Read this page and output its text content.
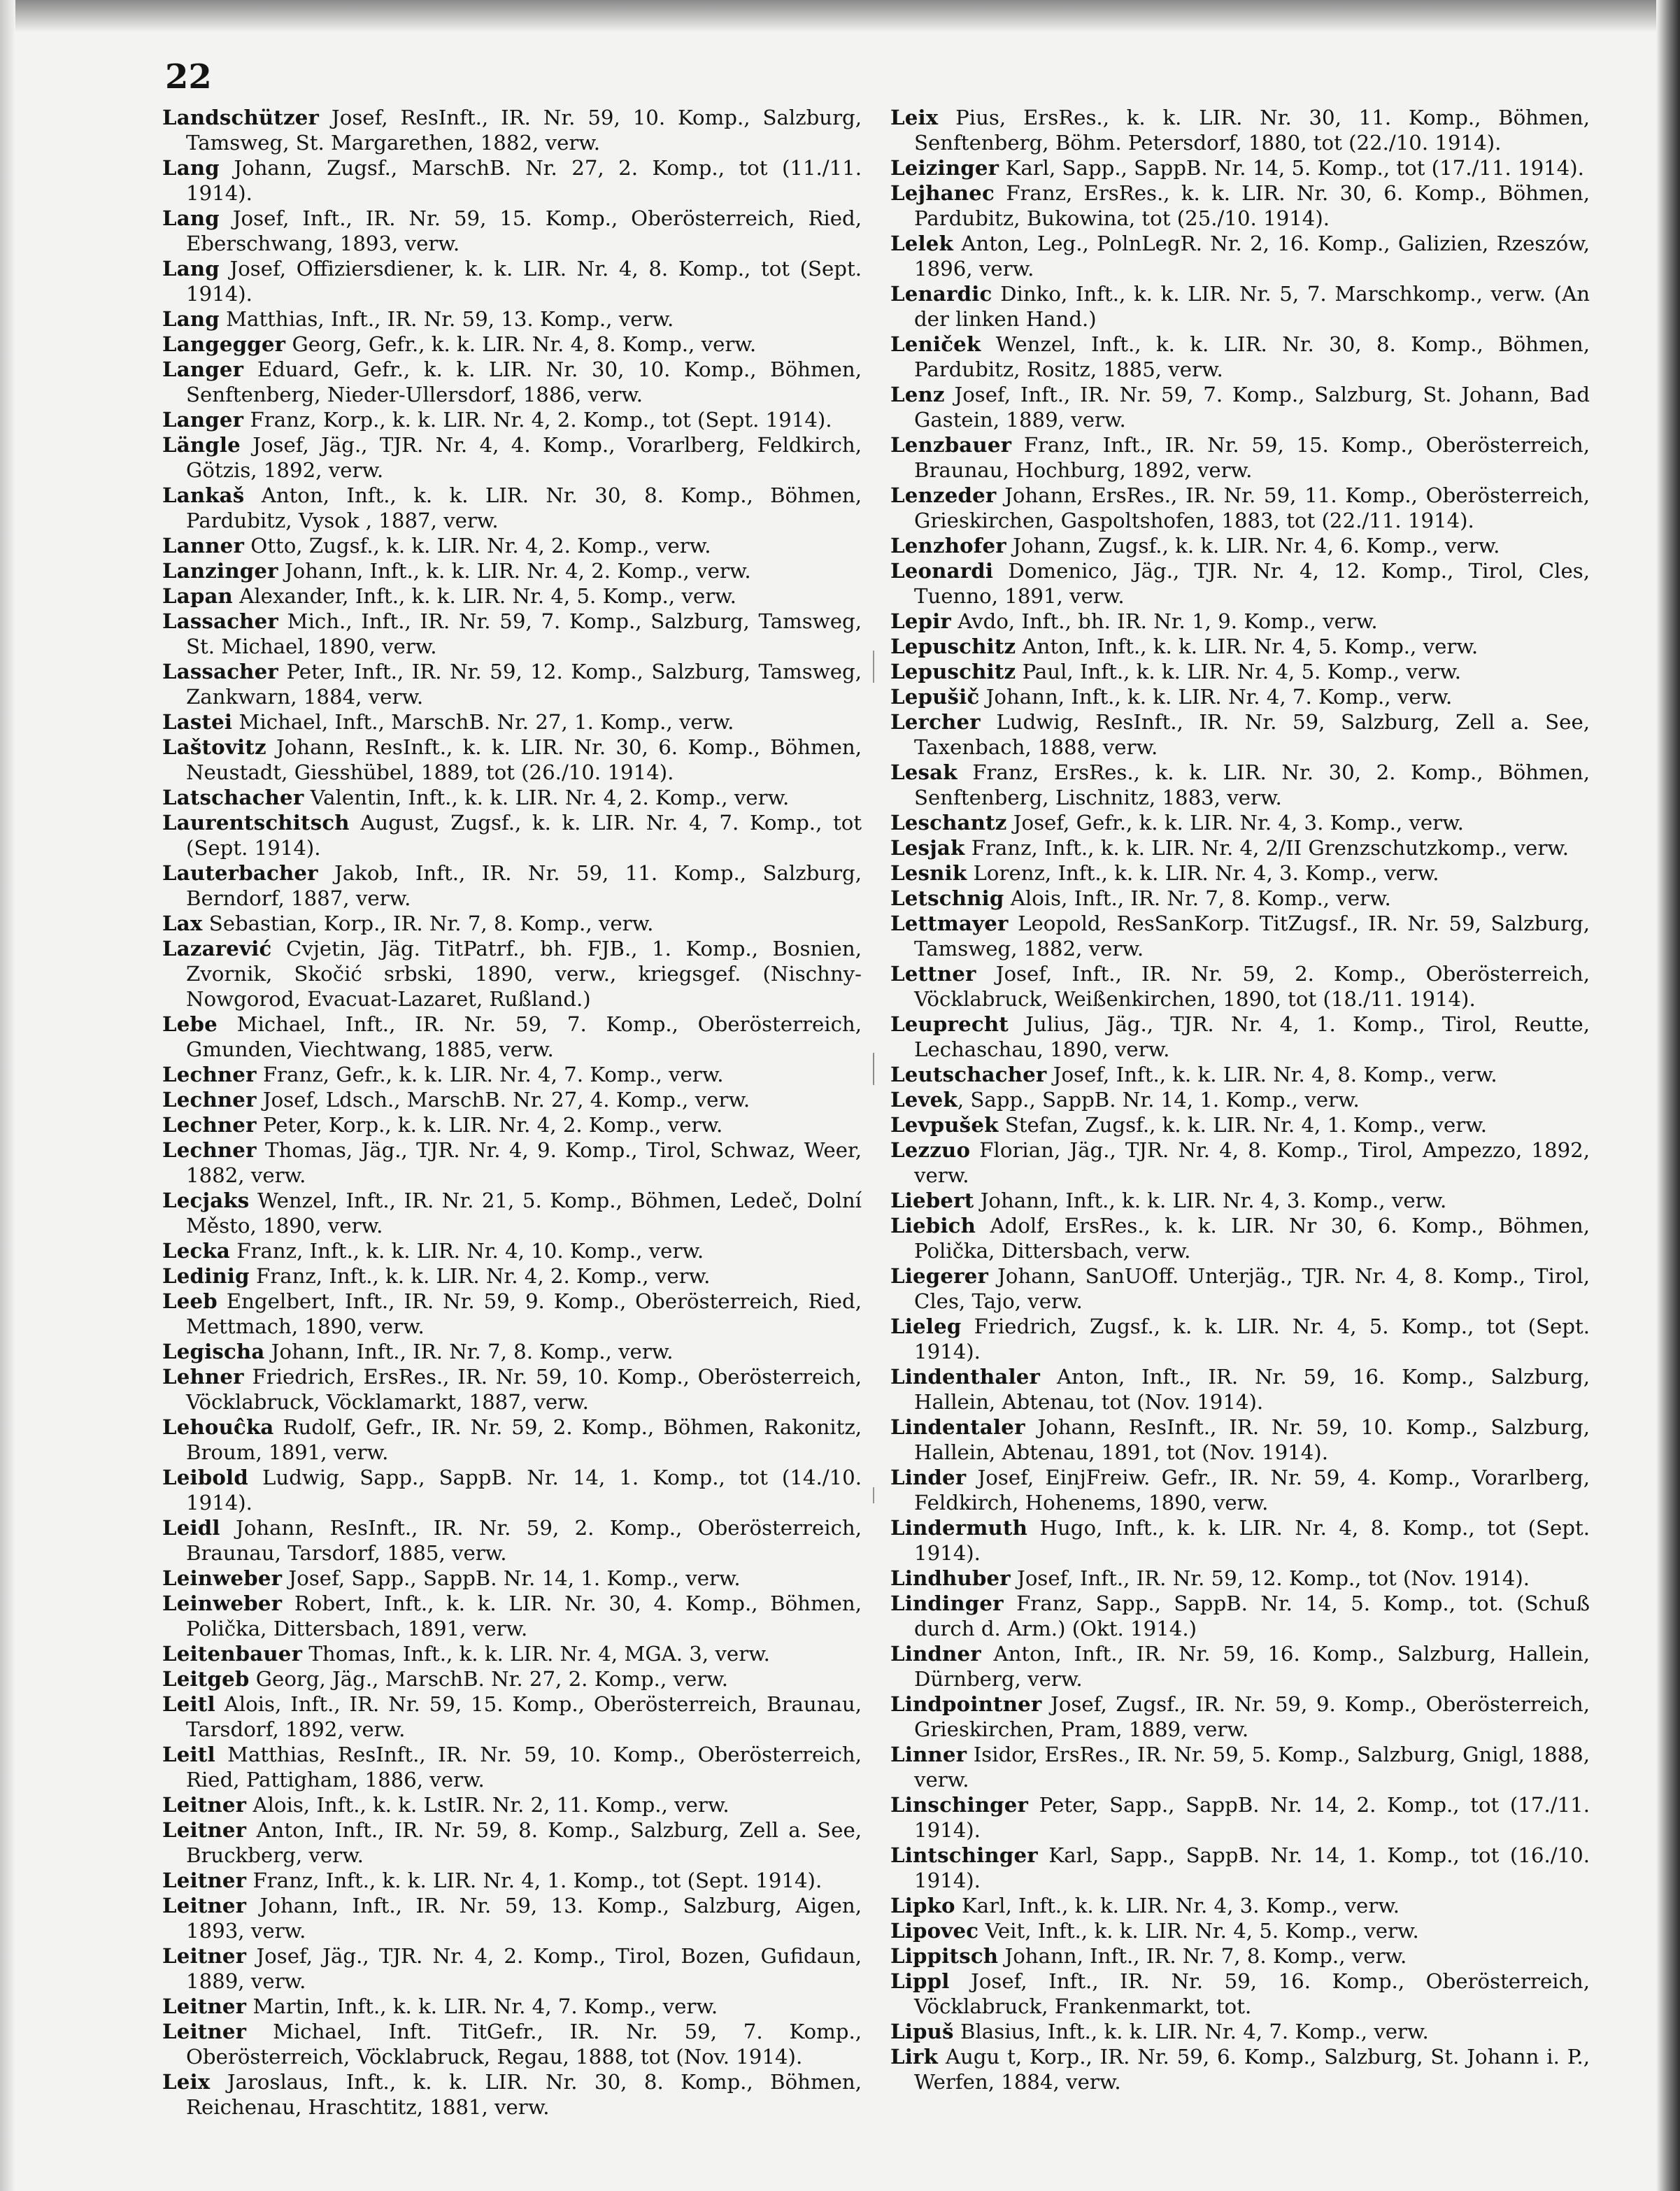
22
Landschützer Josef, ResInft., IR. Nr. 59, 10. Komp., Salzburg, Tamsweg, St. Margarethen, 1882, verw.
Lang Johann, Zugsf., MarschB. Nr. 27, 2. Komp., tot (11./11. 1914).
Lang Josef, Inft., IR. Nr. 59, 15. Komp., Oberösterreich, Ried, Eberschwang, 1893, verw.
Lang Josef, Offiziersdiener, k. k. LIR. Nr. 4, 8. Komp., tot (Sept. 1914).
Lang Matthias, Inft., IR. Nr. 59, 13. Komp., verw.
Langegger Georg, Gefr., k. k. LIR. Nr. 4, 8. Komp., verw.
Langer Eduard, Gefr., k. k. LIR. Nr. 30, 10. Komp., Böhmen, Senftenberg, Nieder-Ullersdorf, 1886, verw.
Langer Franz, Korp., k. k. LIR. Nr. 4, 2. Komp., tot (Sept. 1914).
Längle Josef, Jäg., TJR. Nr. 4, 4. Komp., Vorarlberg, Feldkirch, Götzis, 1892, verw.
Lankaš Anton, Inft., k. k. LIR. Nr. 30, 8. Komp., Böhmen, Pardubitz, Vysok , 1887, verw.
Lanner Otto, Zugsf., k. k. LIR. Nr. 4, 2. Komp., verw.
Lanzinger Johann, Inft., k. k. LIR. Nr. 4, 2. Komp., verw.
Lapan Alexander, Inft., k. k. LIR. Nr. 4, 5. Komp., verw.
Lassacher Mich., Inft., IR. Nr. 59, 7. Komp., Salzburg, Tamsweg, St. Michael, 1890, verw.
Lassacher Peter, Inft., IR. Nr. 59, 12. Komp., Salzburg, Tamsweg, Zankwarn, 1884, verw.
Lastei Michael, Inft., MarschB. Nr. 27, 1. Komp., verw.
Laštovitz Johann, ResInft., k. k. LIR. Nr. 30, 6. Komp., Böhmen, Neustadt, Giesshübel, 1889, tot (26./10. 1914).
Latschacher Valentin, Inft., k. k. LIR. Nr. 4, 2. Komp., verw.
Laurentschitsch August, Zugsf., k. k. LIR. Nr. 4, 7. Komp., tot (Sept. 1914).
Lauterbacher Jakob, Inft., IR. Nr. 59, 11. Komp., Salzburg, Berndorf, 1887, verw.
Lax Sebastian, Korp., IR. Nr. 7, 8. Komp., verw.
Lazarević Cvjetin, Jäg. TitPatrf., bh. FJB., 1. Komp., Bosnien, Zvornik, Skočić srbski, 1890, verw., kriegsgef. (Nischny-Nowgorod, Evacuat-Lazaret, Rußland.)
Lebe Michael, Inft., IR. Nr. 59, 7. Komp., Oberösterreich, Gmunden, Viechtwang, 1885, verw.
Lechner Franz, Gefr., k. k. LIR. Nr. 4, 7. Komp., verw.
Lechner Josef, Ldsch., MarschB. Nr. 27, 4. Komp., verw.
Lechner Peter, Korp., k. k. LIR. Nr. 4, 2. Komp., verw.
Lechner Thomas, Jäg., TJR. Nr. 4, 9. Komp., Tirol, Schwaz, Weer, 1882, verw.
Lecjaks Wenzel, Inft., IR. Nr. 21, 5. Komp., Böhmen, Ledeč, Dolní Město, 1890, verw.
Lecka Franz, Inft., k. k. LIR. Nr. 4, 10. Komp., verw.
Ledinig Franz, Inft., k. k. LIR. Nr. 4, 2. Komp., verw.
Leeb Engelbert, Inft., IR. Nr. 59, 9. Komp., Oberösterreich, Ried, Mettmach, 1890, verw.
Legischa Johann, Inft., IR. Nr. 7, 8. Komp., verw.
Lehner Friedrich, ErsRes., IR. Nr. 59, 10. Komp., Oberösterreich, Vöcklabruck, Vöcklamarkt, 1887, verw.
Lehouĉka Rudolf, Gefr., IR. Nr. 59, 2. Komp., Böhmen, Rakonitz, Broum, 1891, verw.
Leibold Ludwig, Sapp., SappB. Nr. 14, 1. Komp., tot (14./10. 1914).
Leidl Johann, ResInft., IR. Nr. 59, 2. Komp., Oberösterreich, Braunau, Tarsdorf, 1885, verw.
Leinweber Josef, Sapp., SappB. Nr. 14, 1. Komp., verw.
Leinweber Robert, Inft., k. k. LIR. Nr. 30, 4. Komp., Böhmen, Polička, Dittersbach, 1891, verw.
Leitenbauer Thomas, Inft., k. k. LIR. Nr. 4, MGA. 3, verw.
Leitgeb Georg, Jäg., MarschB. Nr. 27, 2. Komp., verw.
Leitl Alois, Inft., IR. Nr. 59, 15. Komp., Oberösterreich, Braunau, Tarsdorf, 1892, verw.
Leitl Matthias, ResInft., IR. Nr. 59, 10. Komp., Oberösterreich, Ried, Pattigham, 1886, verw.
Leitner Alois, Inft., k. k. LstIR. Nr. 2, 11. Komp., verw.
Leitner Anton, Inft., IR. Nr. 59, 8. Komp., Salzburg, Zell a. See, Bruckberg, verw.
Leitner Franz, Inft., k. k. LIR. Nr. 4, 1. Komp., tot (Sept. 1914).
Leitner Johann, Inft., IR. Nr. 59, 13. Komp., Salzburg, Aigen, 1893, verw.
Leitner Josef, Jäg., TJR. Nr. 4, 2. Komp., Tirol, Bozen, Gufidaun, 1889, verw.
Leitner Martin, Inft., k. k. LIR. Nr. 4, 7. Komp., verw.
Leitner Michael, Inft. TitGefr., IR. Nr. 59, 7. Komp., Oberösterreich, Vöcklabruck, Regau, 1888, tot (Nov. 1914).
Leix Jaroslaus, Inft., k. k. LIR. Nr. 30, 8. Komp., Böhmen, Reichenau, Hraschtitz, 1881, verw.
Leix Pius, ErsRes., k. k. LIR. Nr. 30, 11. Komp., Böhmen, Senftenberg, Böhm. Petersdorf, 1880, tot (22./10. 1914).
Leizinger Karl, Sapp., SappB. Nr. 14, 5. Komp., tot (17./11. 1914).
Lejhanec Franz, ErsRes., k. k. LIR. Nr. 30, 6. Komp., Böhmen, Pardubitz, Bukowina, tot (25./10. 1914).
Lelek Anton, Leg., PolnLegR. Nr. 2, 16. Komp., Galizien, Rzeszów, 1896, verw.
Lenardic Dinko, Inft., k. k. LIR. Nr. 5, 7. Marschkomp., verw. (An der linken Hand.)
Leniček Wenzel, Inft., k. k. LIR. Nr. 30, 8. Komp., Böhmen, Pardubitz, Rositz, 1885, verw.
Lenz Josef, Inft., IR. Nr. 59, 7. Komp., Salzburg, St. Johann, Bad Gastein, 1889, verw.
Lenzbauer Franz, Inft., IR. Nr. 59, 15. Komp., Oberösterreich, Braunau, Hochburg, 1892, verw.
Lenzeder Johann, ErsRes., IR. Nr. 59, 11. Komp., Oberösterreich, Grieskirchen, Gaspoltshofen, 1883, tot (22./11. 1914).
Lenzhofer Johann, Zugsf., k. k. LIR. Nr. 4, 6. Komp., verw.
Leonardi Domenico, Jäg., TJR. Nr. 4, 12. Komp., Tirol, Cles, Tuenno, 1891, verw.
Lepir Avdo, Inft., bh. IR. Nr. 1, 9. Komp., verw.
Lepuschitz Anton, Inft., k. k. LIR. Nr. 4, 5. Komp., verw.
Lepuschitz Paul, Inft., k. k. LIR. Nr. 4, 5. Komp., verw.
Lepušič Johann, Inft., k. k. LIR. Nr. 4, 7. Komp., verw.
Lercher Ludwig, ResInft., IR. Nr. 59, Salzburg, Zell a. See, Taxenbach, 1888, verw.
Lesak Franz, ErsRes., k. k. LIR. Nr. 30, 2. Komp., Böhmen, Senftenberg, Lischnitz, 1883, verw.
Leschantz Josef, Gefr., k. k. LIR. Nr. 4, 3. Komp., verw.
Lesjak Franz, Inft., k. k. LIR. Nr. 4, 2/II Grenzschutzkomp., verw.
Lesnik Lorenz, Inft., k. k. LIR. Nr. 4, 3. Komp., verw.
Letschnig Alois, Inft., IR. Nr. 7, 8. Komp., verw.
Lettmayer Leopold, ResSanKorp. TitZugsf., IR. Nr. 59, Salzburg, Tamsweg, 1882, verw.
Lettner Josef, Inft., IR. Nr. 59, 2. Komp., Oberösterreich, Vöcklabruck, Weißenkirchen, 1890, tot (18./11. 1914).
Leuprecht Julius, Jäg., TJR. Nr. 4, 1. Komp., Tirol, Reutte, Lechaschau, 1890, verw.
Leutschacher Josef, Inft., k. k. LIR. Nr. 4, 8. Komp., verw.
Levek, Sapp., SappB. Nr. 14, 1. Komp., verw.
Levpušek Stefan, Zugsf., k. k. LIR. Nr. 4, 1. Komp., verw.
Lezzuo Florian, Jäg., TJR. Nr. 4, 8. Komp., Tirol, Ampezzo, 1892, verw.
Liebert Johann, Inft., k. k. LIR. Nr. 4, 3. Komp., verw.
Liebich Adolf, ErsRes., k. k. LIR. Nr 30, 6. Komp., Böhmen, Polička, Dittersbach, verw.
Liegerer Johann, SanUOff. Unterjäg., TJR. Nr. 4, 8. Komp., Tirol, Cles, Tajo, verw.
Lieleg Friedrich, Zugsf., k. k. LIR. Nr. 4, 5. Komp., tot (Sept. 1914).
Lindenthaler Anton, Inft., IR. Nr. 59, 16. Komp., Salzburg, Hallein, Abtenau, tot (Nov. 1914).
Lindentaler Johann, ResInft., IR. Nr. 59, 10. Komp., Salzburg, Hallein, Abtenau, 1891, tot (Nov. 1914).
Linder Josef, EinjFreiw. Gefr., IR. Nr. 59, 4. Komp., Vorarlberg, Feldkirch, Hohenems, 1890, verw.
Lindermuth Hugo, Inft., k. k. LIR. Nr. 4, 8. Komp., tot (Sept. 1914).
Lindhuber Josef, Inft., IR. Nr. 59, 12. Komp., tot (Nov. 1914).
Lindinger Franz, Sapp., SappB. Nr. 14, 5. Komp., tot. (Schuß durch d. Arm.) (Okt. 1914.)
Lindner Anton, Inft., IR. Nr. 59, 16. Komp., Salzburg, Hallein, Dürnberg, verw.
Lindpointner Josef, Zugsf., IR. Nr. 59, 9. Komp., Oberösterreich, Grieskirchen, Pram, 1889, verw.
Linner Isidor, ErsRes., IR. Nr. 59, 5. Komp., Salzburg, Gnigl, 1888, verw.
Linschinger Peter, Sapp., SappB. Nr. 14, 2. Komp., tot (17./11. 1914).
Lintschinger Karl, Sapp., SappB. Nr. 14, 1. Komp., tot (16./10. 1914).
Lipko Karl, Inft., k. k. LIR. Nr. 4, 3. Komp., verw.
Lipovec Veit, Inft., k. k. LIR. Nr. 4, 5. Komp., verw.
Lippitsch Johann, Inft., IR. Nr. 7, 8. Komp., verw.
Lippl Josef, Inft., IR. Nr. 59, 16. Komp., Oberösterreich, Vöcklabruck, Frankenmarkt, tot.
Lipuš Blasius, Inft., k. k. LIR. Nr. 4, 7. Komp., verw.
Lirk Augu t, Korp., IR. Nr. 59, 6. Komp., Salzburg, St. Johann i. P., Werfen, 1884, verw.
